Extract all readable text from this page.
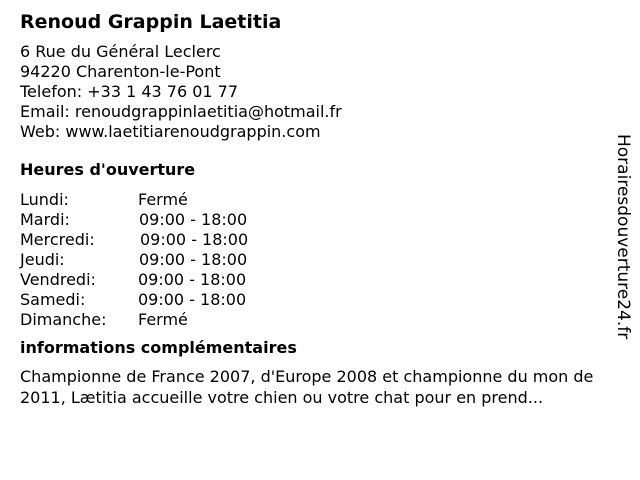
Renoud Grappin Laetitia
6 Rue du Général Leclerc
94220 Charenton-le-Pont
Telefon: +33 1 43 76 01 77
Email: renoudgrappinlaetitia@hotmail.fr
Web: www.laetitiarenoudgrappin.com
Heures d'ouverture
Lundi:	Fermé
Mardi:	09:00 - 18:00
Mercredi:	09:00 - 18:00
Jeudi:	09:00 - 18:00
Vendredi:	09:00 - 18:00
Samedi:	09:00 - 18:00
Dimanche: Fermé
informations complémentaires
Championne de France 2007, d'Europe 2008 et championne du mon de 2011, Lætitia accueille votre chien ou votre chat pour en prend...
Horairesdouverture24.fr
